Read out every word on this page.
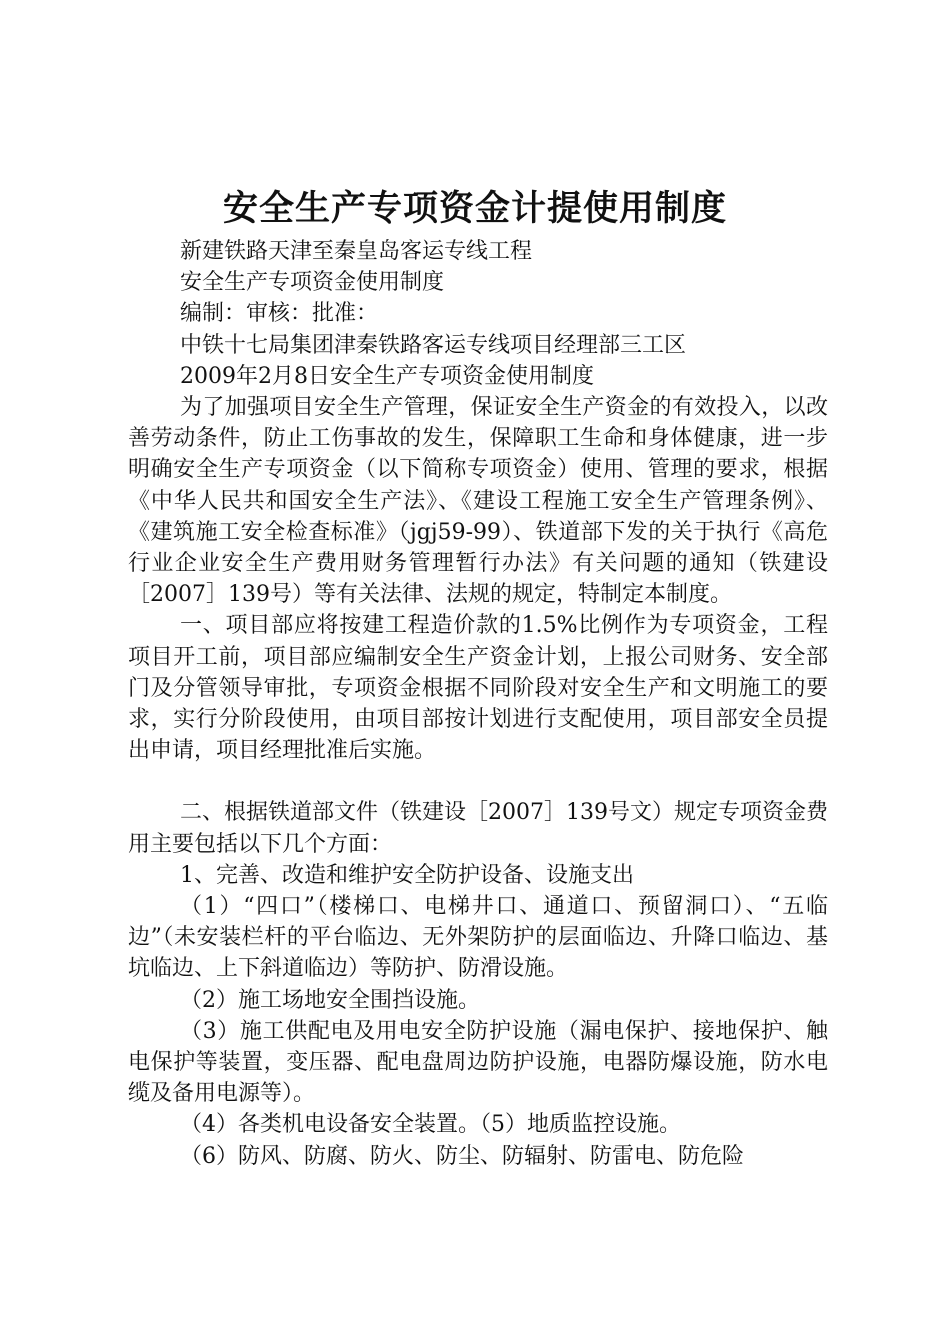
安全生产专项资金计提使用制度

新建铁路天津至秦皇岛客运专线工程

安全生产专项资金使用制度

编制：审核：批准：

中铁十七局集团津秦铁路客运专线项目经理部三工区

2009年2月8日安全生产专项资金使用制度

为了加强项目安全生产管理，保证安全生产资金的有效投入，以改善劳动条件，防止工伤事故的发生，保障职工生命和身体健康，进一步明确安全生产专项资金（以下简称专项资金）使用、管理的要求，根据《中华人民共和国安全生产法》、《建设工程施工安全生产管理条例》、《建筑施工安全检查标准》（jgj59-99）、铁道部下发的关于执行《高危行业企业安全生产费用财务管理暂行办法》有关问题的通知（铁建设［2007］139号）等有关法律、法规的规定，特制定本制度。

一、项目部应将按建工程造价款的1.5%比例作为专项资金，工程项目开工前，项目部应编制安全生产资金计划，上报公司财务、安全部门及分管领导审批，专项资金根据不同阶段对安全生产和文明施工的要求，实行分阶段使用，由项目部按计划进行支配使用，项目部安全员提出申请，项目经理批准后实施。

二、根据铁道部文件（铁建设［2007］139号文）规定专项资金费用主要包括以下几个方面：

1、完善、改造和维护安全防护设备、设施支出

（1）“四口”（楼梯口、电梯井口、通道口、预留洞口）、“五临边”（未安装栏杆的平台临边、无外架防护的层面临边、升降口临边、基坑临边、上下斜道临边）等防护、防滑设施。

（2）施工场地安全围挡设施。

（3）施工供配电及用电安全防护设施（漏电保护、接地保护、触电保护等装置，变压器、配电盘周边防护设施，电器防爆设施，防水电缆及备用电源等）。

（4）各类机电设备安全装置。（5）地质监控设施。

（6）防风、防腐、防火、防尘、防辐射、防雷电、防危险
